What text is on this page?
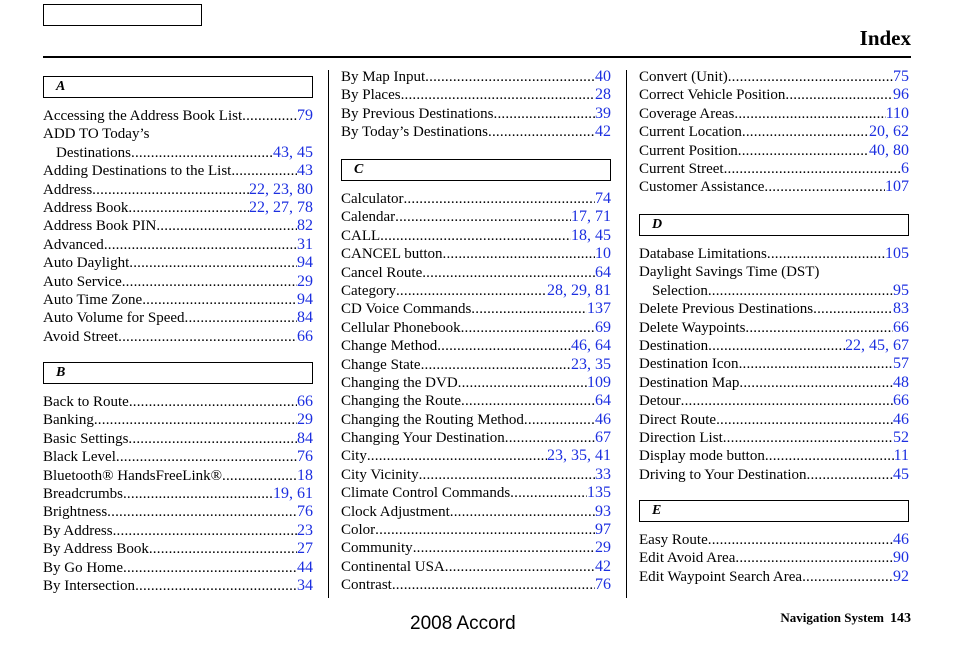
Index
A
Accessing the Address Book List .....	79
ADD TO Today’s
Destinations .....	43, 45
Adding Destinations to the List .....	43
Address .....	22, 23, 80
Address Book .....	22, 27, 78
Address Book PIN .....	82
Advanced .....	31
Auto Daylight .....	94
Auto Service .....	29
Auto Time Zone .....	94
Auto Volume for Speed .....	84
Avoid Street .....	66
B
Back to Route .....	66
Banking .....	29
Basic Settings .....	84
Black Level .....	76
Bluetooth® HandsFreeLink® .....	18
Breadcrumbs .....	19, 61
Brightness .....	76
By Address .....	23
By Address Book .....	27
By Go Home .....	44
By Intersection .....	34
By Map Input .....	40
By Places .....	28
By Previous Destinations .....	39
By Today’s Destinations .....	42
C
Calculator .....	74
Calendar .....	17, 71
CALL .....	18, 45
CANCEL button .....	10
Cancel Route .....	64
Category .....	28, 29, 81
CD Voice Commands .....	137
Cellular Phonebook .....	69
Change Method .....	46, 64
Change State .....	23, 35
Changing the DVD .....	109
Changing the Route .....	64
Changing the Routing Method .....	46
Changing Your Destination .....	67
City .....	23, 35, 41
City Vicinity .....	33
Climate Control Commands .....	135
Clock Adjustment .....	93
Color .....	97
Community .....	29
Continental USA .....	42
Contrast .....	76
Convert (Unit) .....	75
Correct Vehicle Position .....	96
Coverage Areas .....	110
Current Location .....	20, 62
Current Position .....	40, 80
Current Street .....	6
Customer Assistance .....	107
D
Database Limitations .....	105
Daylight Savings Time (DST)
Selection .....	95
Delete Previous Destinations .....	83
Delete Waypoints .....	66
Destination .....	22, 45, 67
Destination Icon .....	57
Destination Map .....	48
Detour .....	66
Direct Route .....	46
Direction List .....	52
Display mode button .....	11
Driving to Your Destination .....	45
E
Easy Route .....	46
Edit Avoid Area .....	90
Edit Waypoint Search Area .....	92
2008 Accord	Navigation System 143
